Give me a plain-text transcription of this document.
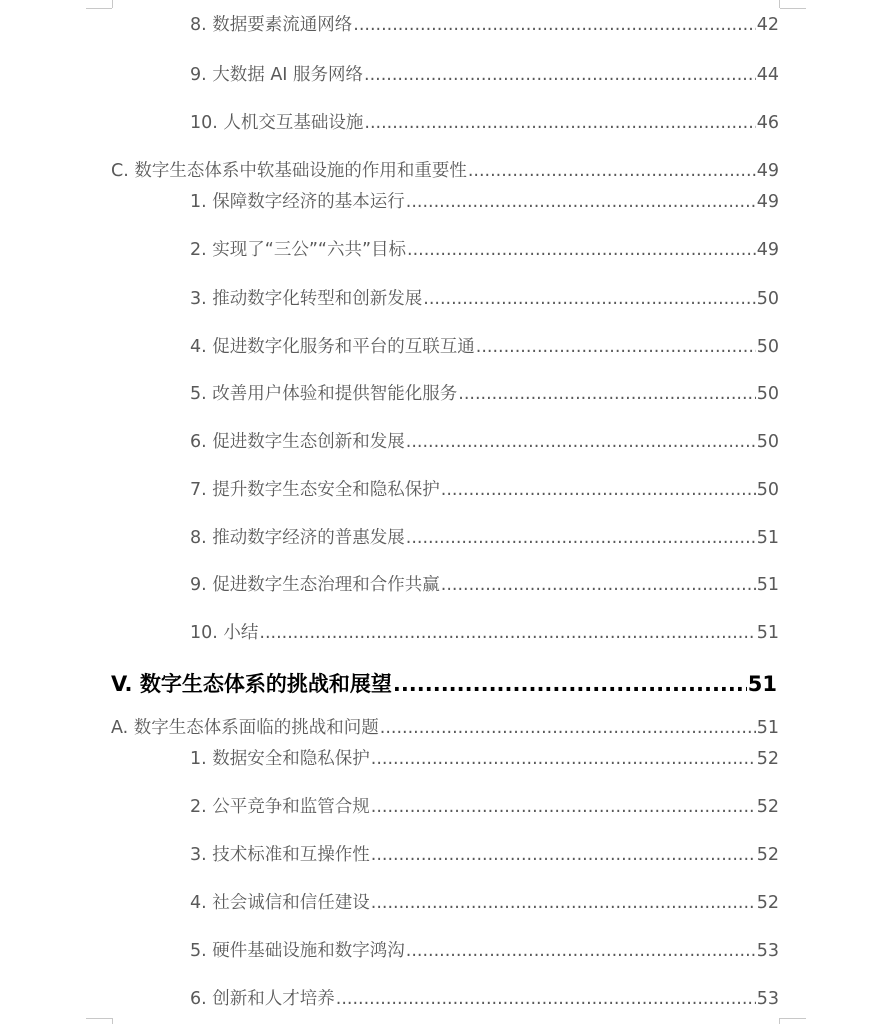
8. 数据要素流通网络 .....	42
9. 大数据 AI 服务网络 .....	44
10. 人机交互基础设施 .....	46
C. 数字生态体系中软基础设施的作用和重要性 .....	49
1. 保障数字经济的基本运行 .....	49
2. 实现了“三公”“六共”目标 .....	49
3. 推动数字化转型和创新发展 .....	50
4. 促进数字化服务和平台的互联互通 .....	50
5. 改善用户体验和提供智能化服务 .....	50
6. 促进数字生态创新和发展 .....	50
7. 提升数字生态安全和隐私保护 .....	50
8. 推动数字经济的普惠发展 .....	51
9. 促进数字生态治理和合作共赢 .....	51
10. 小结 .....	51
V. 数字生态体系的挑战和展望 .....	51
A. 数字生态体系面临的挑战和问题 .....	51
1. 数据安全和隐私保护 .....	52
2. 公平竞争和监管合规 .....	52
3. 技术标准和互操作性 .....	52
4. 社会诚信和信任建设 .....	52
5. 硬件基础设施和数字鸿沟 .....	53
6. 创新和人才培养 .....	53
